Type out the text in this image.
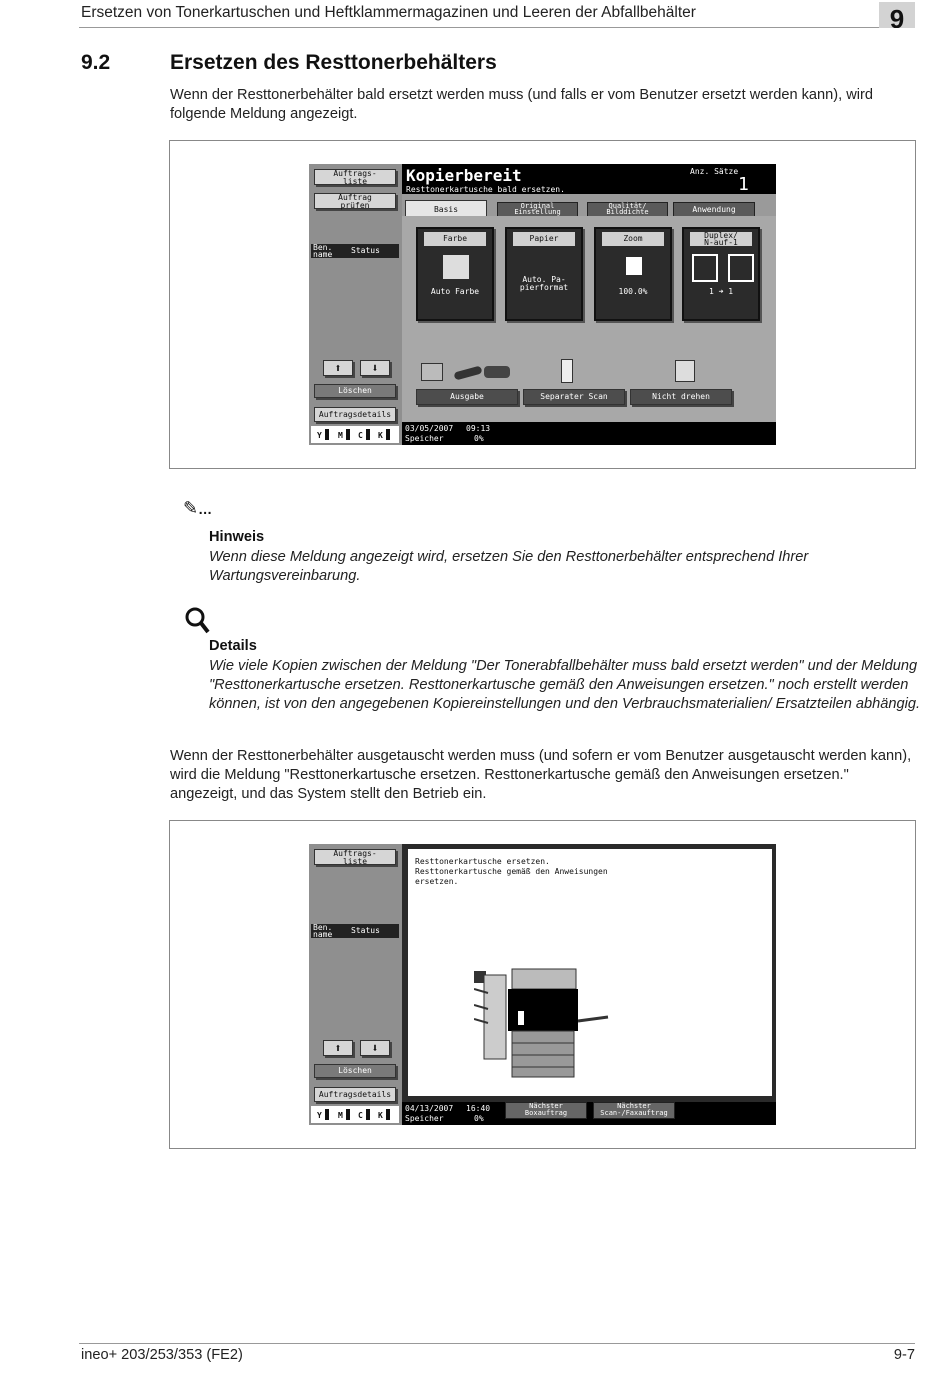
Ersetzen von Tonerkartuschen und Heftklammermagazinen und Leeren der Abfallbehälter	9
9.2	Ersetzen des Resttonerbehälters
Wenn der Resttonerbehälter bald ersetzt werden muss (und falls er vom Benutzer ersetzt werden kann), wird folgende Meldung angezeigt.
Auftrags-
liste
Auftrag
prüfen
Ben.
name Status
⬆	⬇
Löschen
Auftragsdetails
Y M C K
Kopierbereit
Resttonerkartusche bald ersetzen.
Anz. Sätze
1
Basis	Original
Einstellung
Qualität/
Bilddichte	Anwendung
Farbe
Auto Farbe
Papier
Auto. Pa-
pierformat
Zoom
100.0%
Duplex/
N-auf-1
1 ➜ 1
Ausgabe	Separater Scan	Nicht drehen
03/05/2007 09:13
Speicher	0%
✎…
Hinweis
Wenn diese Meldung angezeigt wird, ersetzen Sie den Resttonerbehälter entsprechend Ihrer Wartungsvereinbarung.
Details
Wie viele Kopien zwischen der Meldung "Der Tonerabfallbehälter muss bald ersetzt werden" und der Meldung "Resttonerkartusche ersetzen. Resttonerkartusche gemäß den Anweisungen ersetzen." noch erstellt werden können, ist von den angegebenen Kopiereinstellungen und den Verbrauchsmaterialien/ Ersatzteilen abhängig.
Wenn der Resttonerbehälter ausgetauscht werden muss (und sofern er vom Benutzer ausgetauscht werden kann), wird die Meldung "Resttonerkartusche ersetzen. Resttonerkartusche gemäß den Anweisungen ersetzen." angezeigt, und das System stellt den Betrieb ein.
Auftrags-
liste
Ben.
name Status
⬆	⬇
Löschen
Auftragsdetails
Y M C K
Resttonerkartusche ersetzen.
Resttonerkartusche gemäß den Anweisungen
ersetzen.
04/13/2007 16:40
Speicher	0%
Nächster
Boxauftrag
Nächster
Scan-/Faxauftrag
ineo+ 203/253/353 (FE2)	9-7
